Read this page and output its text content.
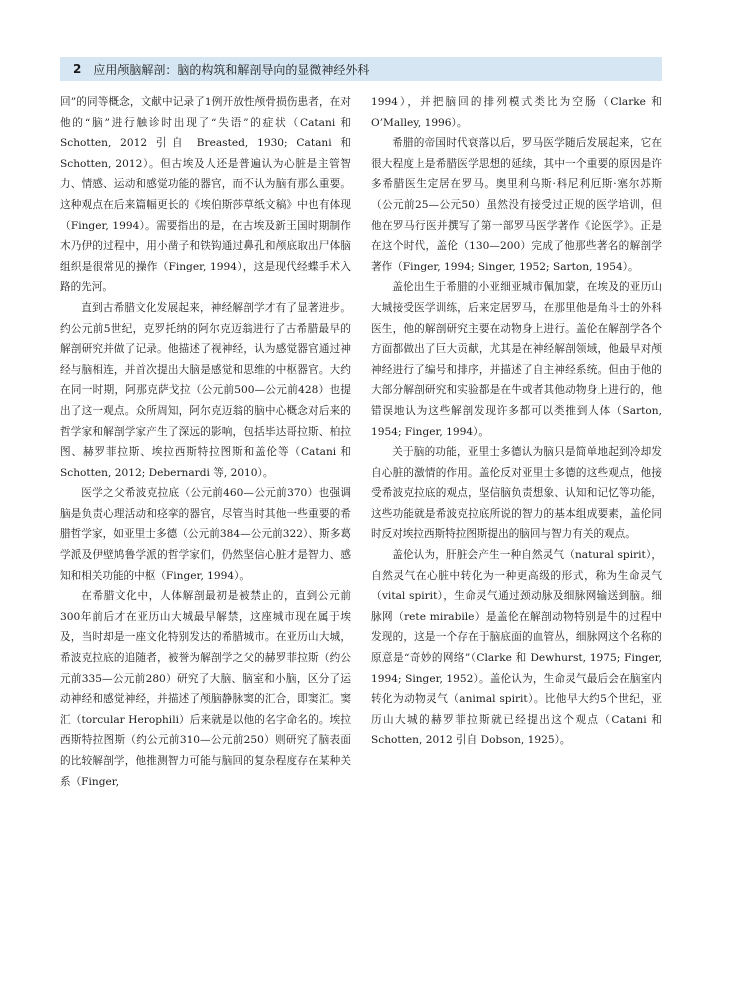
2 应用颅脑解剖：脑的构筑和解剖导向的显微神经外科

回”的同等概念，文献中记录了1例开放性颅骨损伤患者，在对他的“脑”进行触诊时出现了“失语”的症状（Catani 和 Schotten, 2012 引自 Breasted, 1930; Catani 和 Schotten, 2012）。但古埃及人还是普遍认为心脏是主管智力、情感、运动和感觉功能的器官，而不认为脑有那么重要。这种观点在后来篇幅更长的《埃伯斯莎草纸文稿》中也有体现（Finger, 1994）。需要指出的是，在古埃及新王国时期制作木乃伊的过程中，用小凿子和铁钩通过鼻孔和颅底取出尸体脑组织是很常见的操作（Finger, 1994），这是现代经蝶手术入路的先河。

直到古希腊文化发展起来，神经解剖学才有了显著进步。约公元前5世纪，克罗托纳的阿尔克迈翁进行了古希腊最早的解剖研究并做了记录。他描述了视神经，认为感觉器官通过神经与脑相连，并首次提出大脑是感觉和思维的中枢器官。大约在同一时期，阿那克萨戈拉（公元前500—公元前428）也提出了这一观点。众所周知，阿尔克迈翁的脑中心概念对后来的哲学家和解剖学家产生了深远的影响，包括毕达哥拉斯、柏拉图、赫罗菲拉斯、埃拉西斯特拉图斯和盖伦等（Catani 和 Schotten, 2012; Debernardi 等, 2010）。

医学之父希波克拉底（公元前460—公元前370）也强调脑是负责心理活动和痉挛的器官，尽管当时其他一些重要的希腊哲学家，如亚里士多德（公元前384—公元前322）、斯多葛学派及伊壁鸠鲁学派的哲学家们，仍然坚信心脏才是智力、感知和相关功能的中枢（Finger, 1994）。

在希腊文化中，人体解剖最初是被禁止的，直到公元前300年前后才在亚历山大城最早解禁，这座城市现在属于埃及，当时却是一座文化特别发达的希腊城市。在亚历山大城，希波克拉底的追随者，被誉为解剖学之父的赫罗菲拉斯（约公元前335—公元前280）研究了大脑、脑室和小脑，区分了运动神经和感觉神经，并描述了颅脑静脉窦的汇合，即窦汇。窦汇（torcular Herophili）后来就是以他的名字命名的。埃拉西斯特拉图斯（约公元前310—公元前250）则研究了脑表面的比较解剖学，他推测智力可能与脑回的复杂程度存在某种关系（Finger,

1994），并把脑回的排列模式类比为空肠（Clarke 和 O’Malley, 1996）。

希腊的帝国时代衰落以后，罗马医学随后发展起来，它在很大程度上是希腊医学思想的延续，其中一个重要的原因是许多希腊医生定居在罗马。奥里利乌斯·科尼利厄斯·塞尔苏斯（公元前25—公元50）虽然没有接受过正规的医学培训，但他在罗马行医并撰写了第一部罗马医学著作《论医学》。正是在这个时代，盖伦（130—200）完成了他那些著名的解剖学著作（Finger, 1994; Singer, 1952; Sarton, 1954）。

盖伦出生于希腊的小亚细亚城市佩加蒙，在埃及的亚历山大城接受医学训练，后来定居罗马，在那里他是角斗士的外科医生，他的解剖研究主要在动物身上进行。盖伦在解剖学各个方面都做出了巨大贡献，尤其是在神经解剖领域，他最早对颅神经进行了编号和排序，并描述了自主神经系统。但由于他的大部分解剖研究和实验都是在牛或者其他动物身上进行的，他错误地认为这些解剖发现许多都可以类推到人体（Sarton, 1954; Finger, 1994）。

关于脑的功能，亚里士多德认为脑只是简单地起到冷却发自心脏的激情的作用。盖伦反对亚里士多德的这些观点，他接受希波克拉底的观点，坚信脑负责想象、认知和记忆等功能，这些功能就是希波克拉底所说的智力的基本组成要素，盖伦同时反对埃拉西斯特拉图斯提出的脑回与智力有关的观点。

盖伦认为，肝脏会产生一种自然灵气（natural spirit），自然灵气在心脏中转化为一种更高级的形式，称为生命灵气（vital spirit），生命灵气通过颈动脉及细脉网输送到脑。细脉网（rete mirabile）是盖伦在解剖动物特别是牛的过程中发现的，这是一个存在于脑底面的血管丛，细脉网这个名称的原意是“奇妙的网络”（Clarke 和 Dewhurst, 1975; Finger, 1994; Singer, 1952）。盖伦认为，生命灵气最后会在脑室内转化为动物灵气（animal spirit）。比他早大约5个世纪，亚历山大城的赫罗菲拉斯就已经提出这个观点（Catani 和 Schotten, 2012 引自 Dobson, 1925）。
